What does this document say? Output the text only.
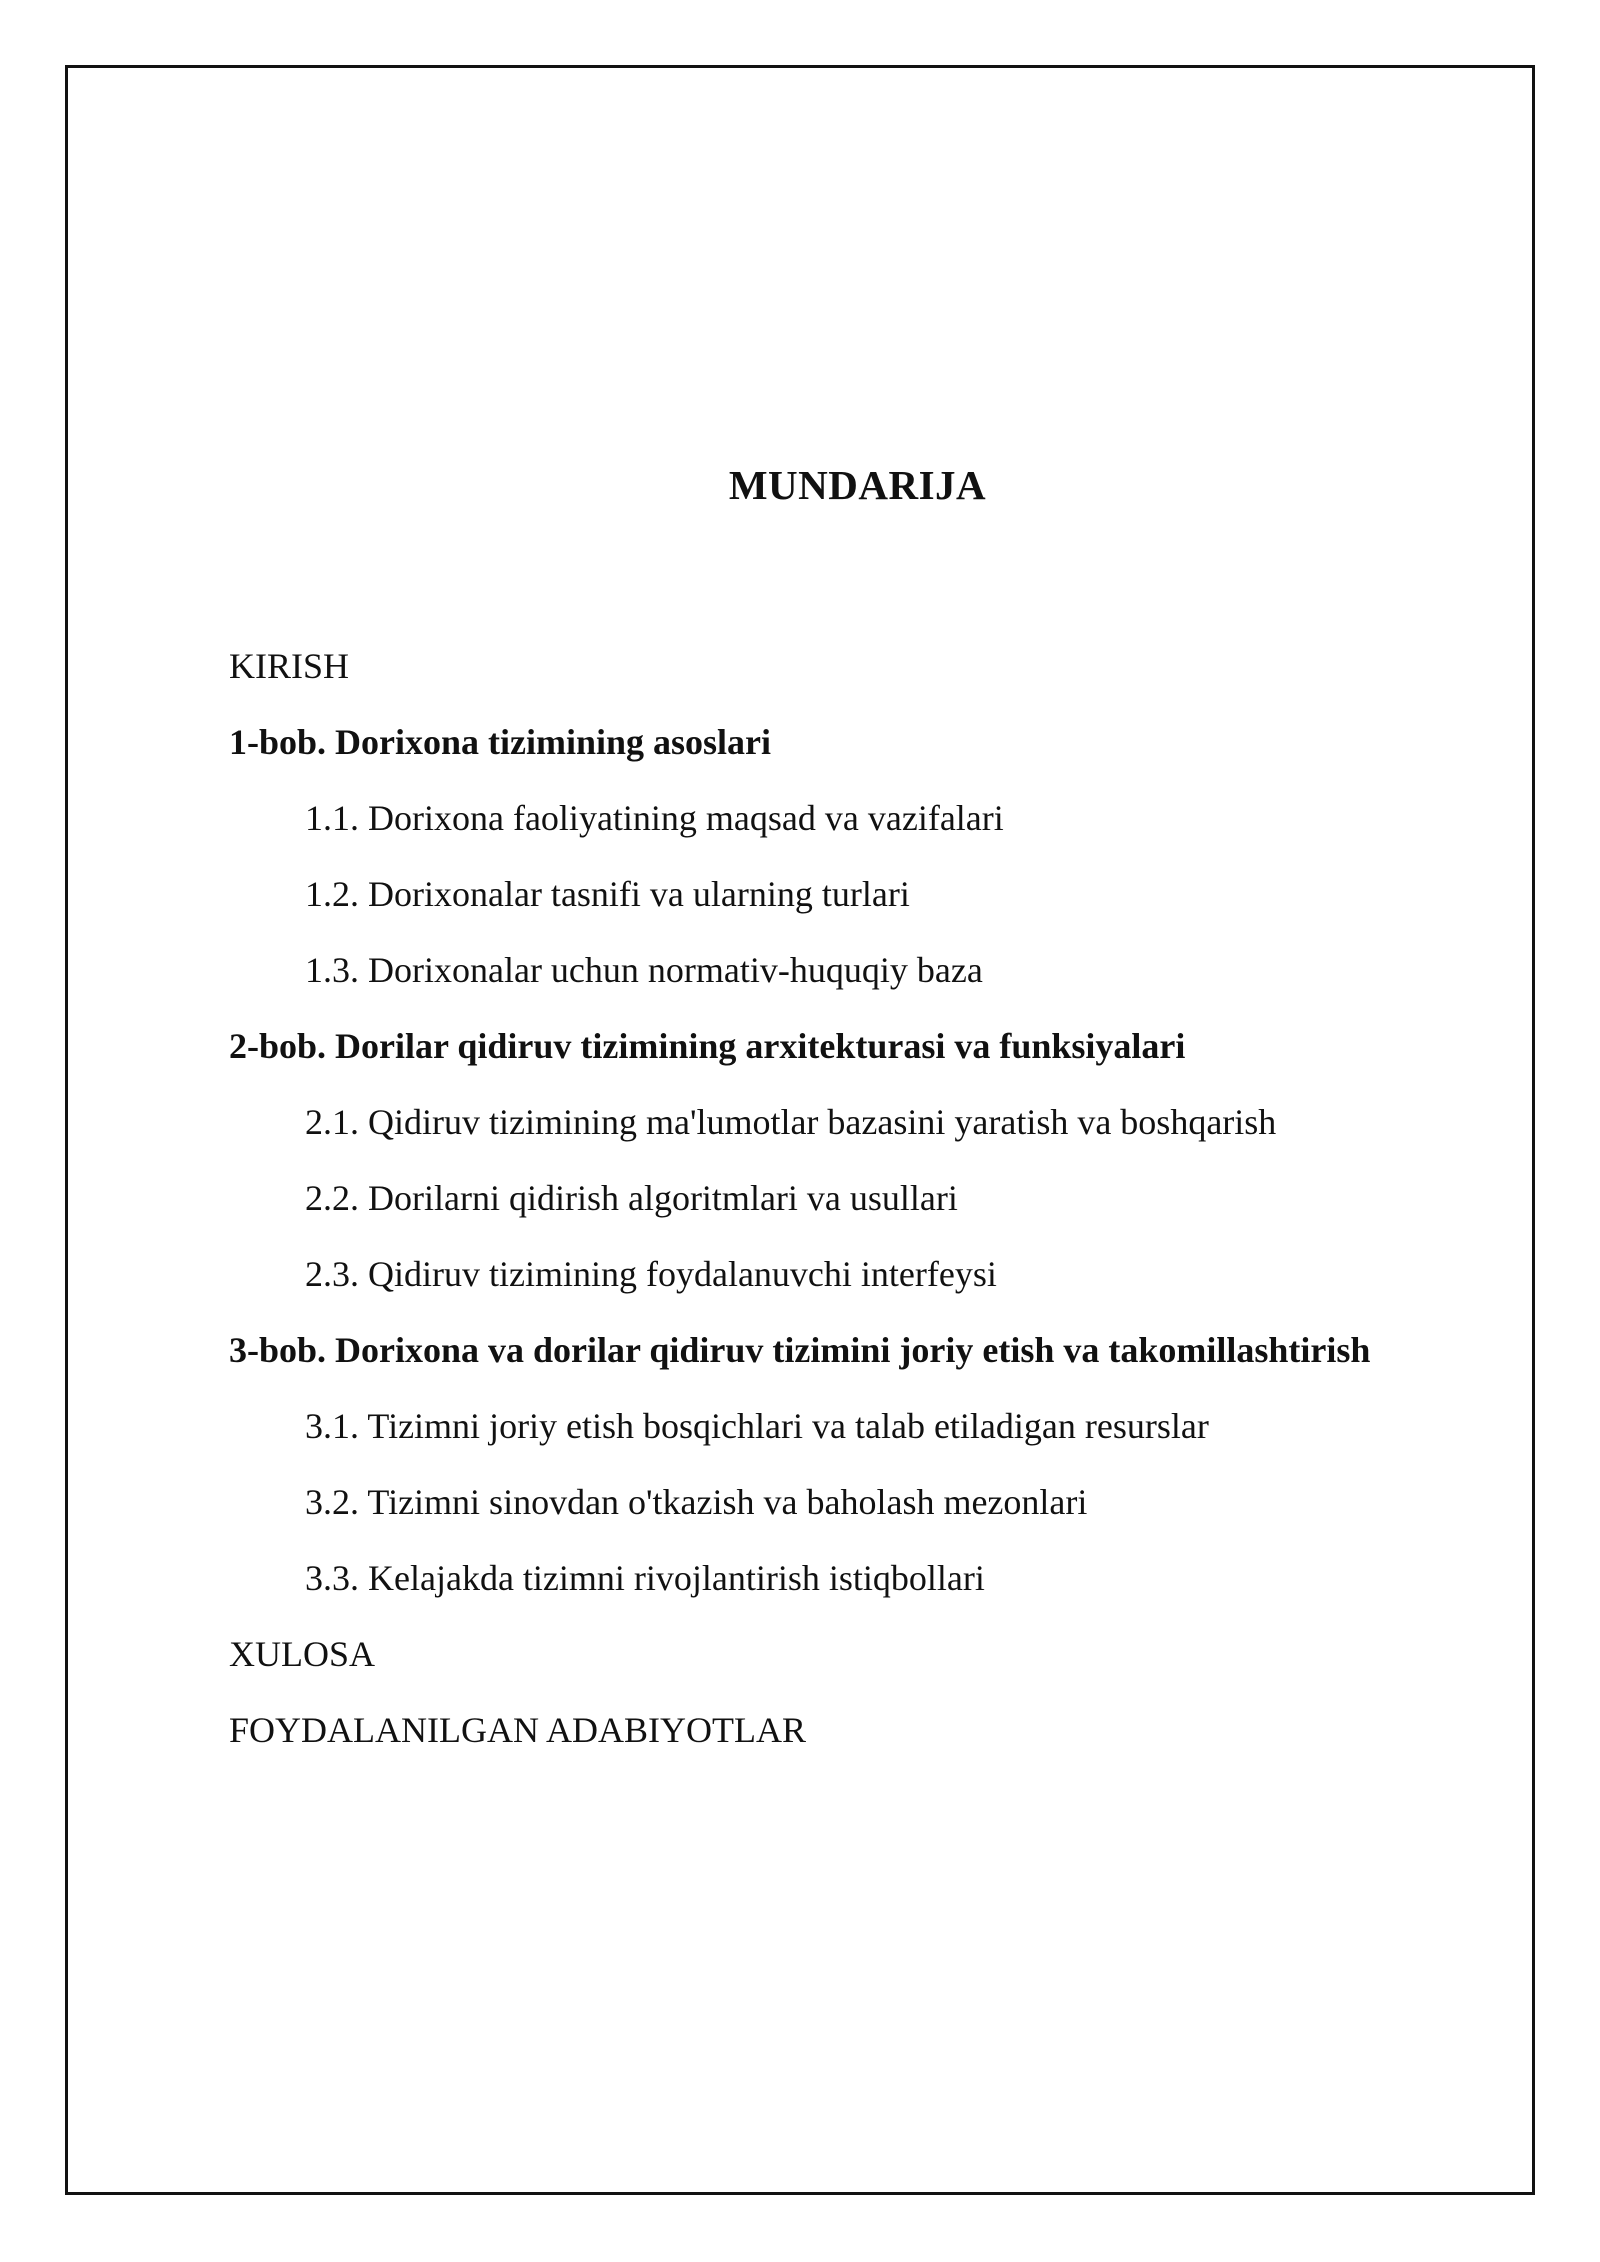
MUNDARIJA
KIRISH
1-bob. Dorixona tizimining asoslari
1.1. Dorixona faoliyatining maqsad va vazifalari
1.2. Dorixonalar tasnifi va ularning turlari
1.3. Dorixonalar uchun normativ-huquqiy baza
2-bob. Dorilar qidiruv tizimining arxitekturasi va funksiyalari
2.1. Qidiruv tizimining ma'lumotlar bazasini yaratish va boshqarish
2.2. Dorilarni qidirish algoritmlari va usullari
2.3. Qidiruv tizimining foydalanuvchi interfeysi
3-bob. Dorixona va dorilar qidiruv tizimini joriy etish va takomillashtirish
3.1. Tizimni joriy etish bosqichlari va talab etiladigan resurslar
3.2. Tizimni sinovdan o'tkazish va baholash mezonlari
3.3. Kelajakda tizimni rivojlantirish istiqbollari
XULOSA
FOYDALANILGAN ADABIYOTLAR
